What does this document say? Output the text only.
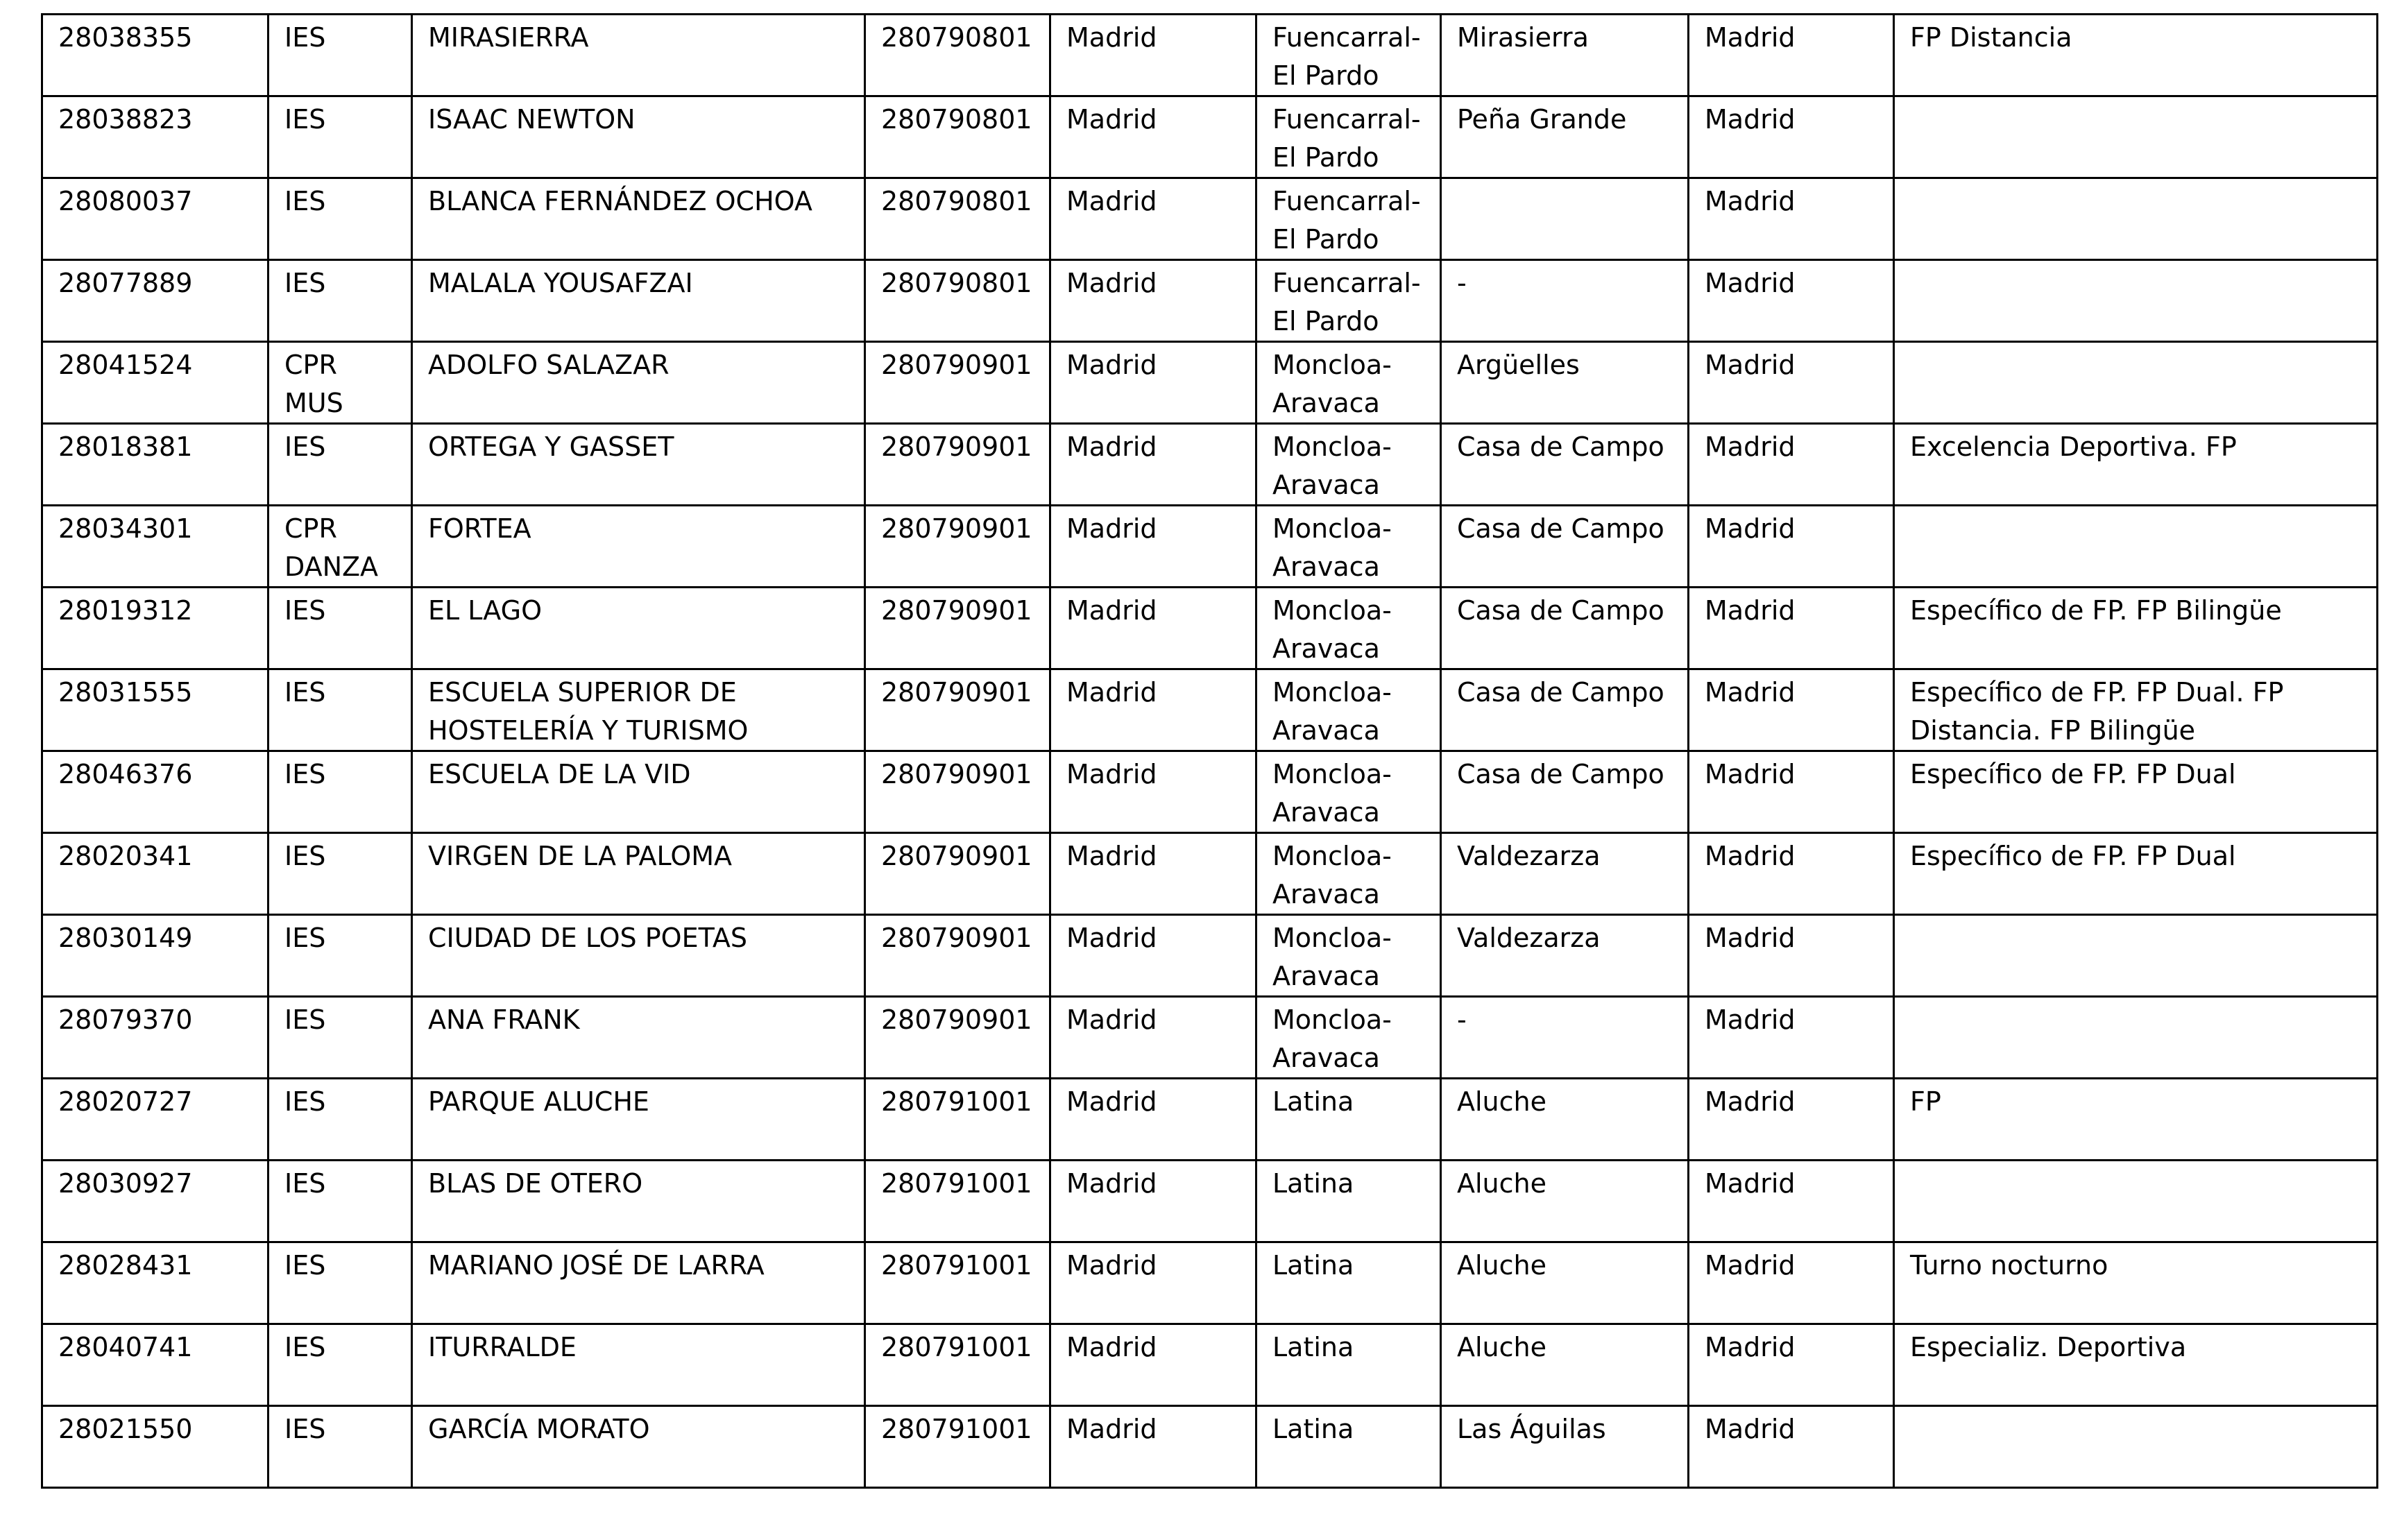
28038355	IES	MIRASIERRA	280790801	Madrid	Fuencarral-
El Pardo	Mirasierra	Madrid	FP Distancia

28038823	IES	ISAAC NEWTON	280790801	Madrid	Fuencarral-
El Pardo	Peña Grande	Madrid	

28080037	IES	BLANCA FERNÁNDEZ OCHOA	280790801	Madrid	Fuencarral-
El Pardo		Madrid	

28077889	IES	MALALA YOUSAFZAI	280790801	Madrid	Fuencarral-
El Pardo	-	Madrid	

28041524	CPR
MUS	ADOLFO SALAZAR	280790901	Madrid	Moncloa-
Aravaca	Argüelles	Madrid	

28018381	IES	ORTEGA Y GASSET	280790901	Madrid	Moncloa-
Aravaca	Casa de Campo	Madrid	Excelencia Deportiva. FP

28034301	CPR
DANZA	FORTEA	280790901	Madrid	Moncloa-
Aravaca	Casa de Campo	Madrid	

28019312	IES	EL LAGO	280790901	Madrid	Moncloa-
Aravaca	Casa de Campo	Madrid	Específico de FP. FP Bilingüe

28031555	IES	ESCUELA SUPERIOR DE
HOSTELERÍA Y TURISMO	280790901	Madrid	Moncloa-
Aravaca	Casa de Campo	Madrid	Específico de FP. FP Dual. FP
Distancia. FP Bilingüe

28046376	IES	ESCUELA DE LA VID	280790901	Madrid	Moncloa-
Aravaca	Casa de Campo	Madrid	Específico de FP. FP Dual

28020341	IES	VIRGEN DE LA PALOMA	280790901	Madrid	Moncloa-
Aravaca	Valdezarza	Madrid	Específico de FP. FP Dual

28030149	IES	CIUDAD DE LOS POETAS	280790901	Madrid	Moncloa-
Aravaca	Valdezarza	Madrid	

28079370	IES	ANA FRANK	280790901	Madrid	Moncloa-
Aravaca	-	Madrid	

28020727	IES	PARQUE ALUCHE	280791001	Madrid	Latina	Aluche	Madrid	FP

28030927	IES	BLAS DE OTERO	280791001	Madrid	Latina	Aluche	Madrid	

28028431	IES	MARIANO JOSÉ DE LARRA	280791001	Madrid	Latina	Aluche	Madrid	Turno nocturno

28040741	IES	ITURRALDE	280791001	Madrid	Latina	Aluche	Madrid	Especializ. Deportiva

28021550	IES	GARCÍA MORATO	280791001	Madrid	Latina	Las Águilas	Madrid	
